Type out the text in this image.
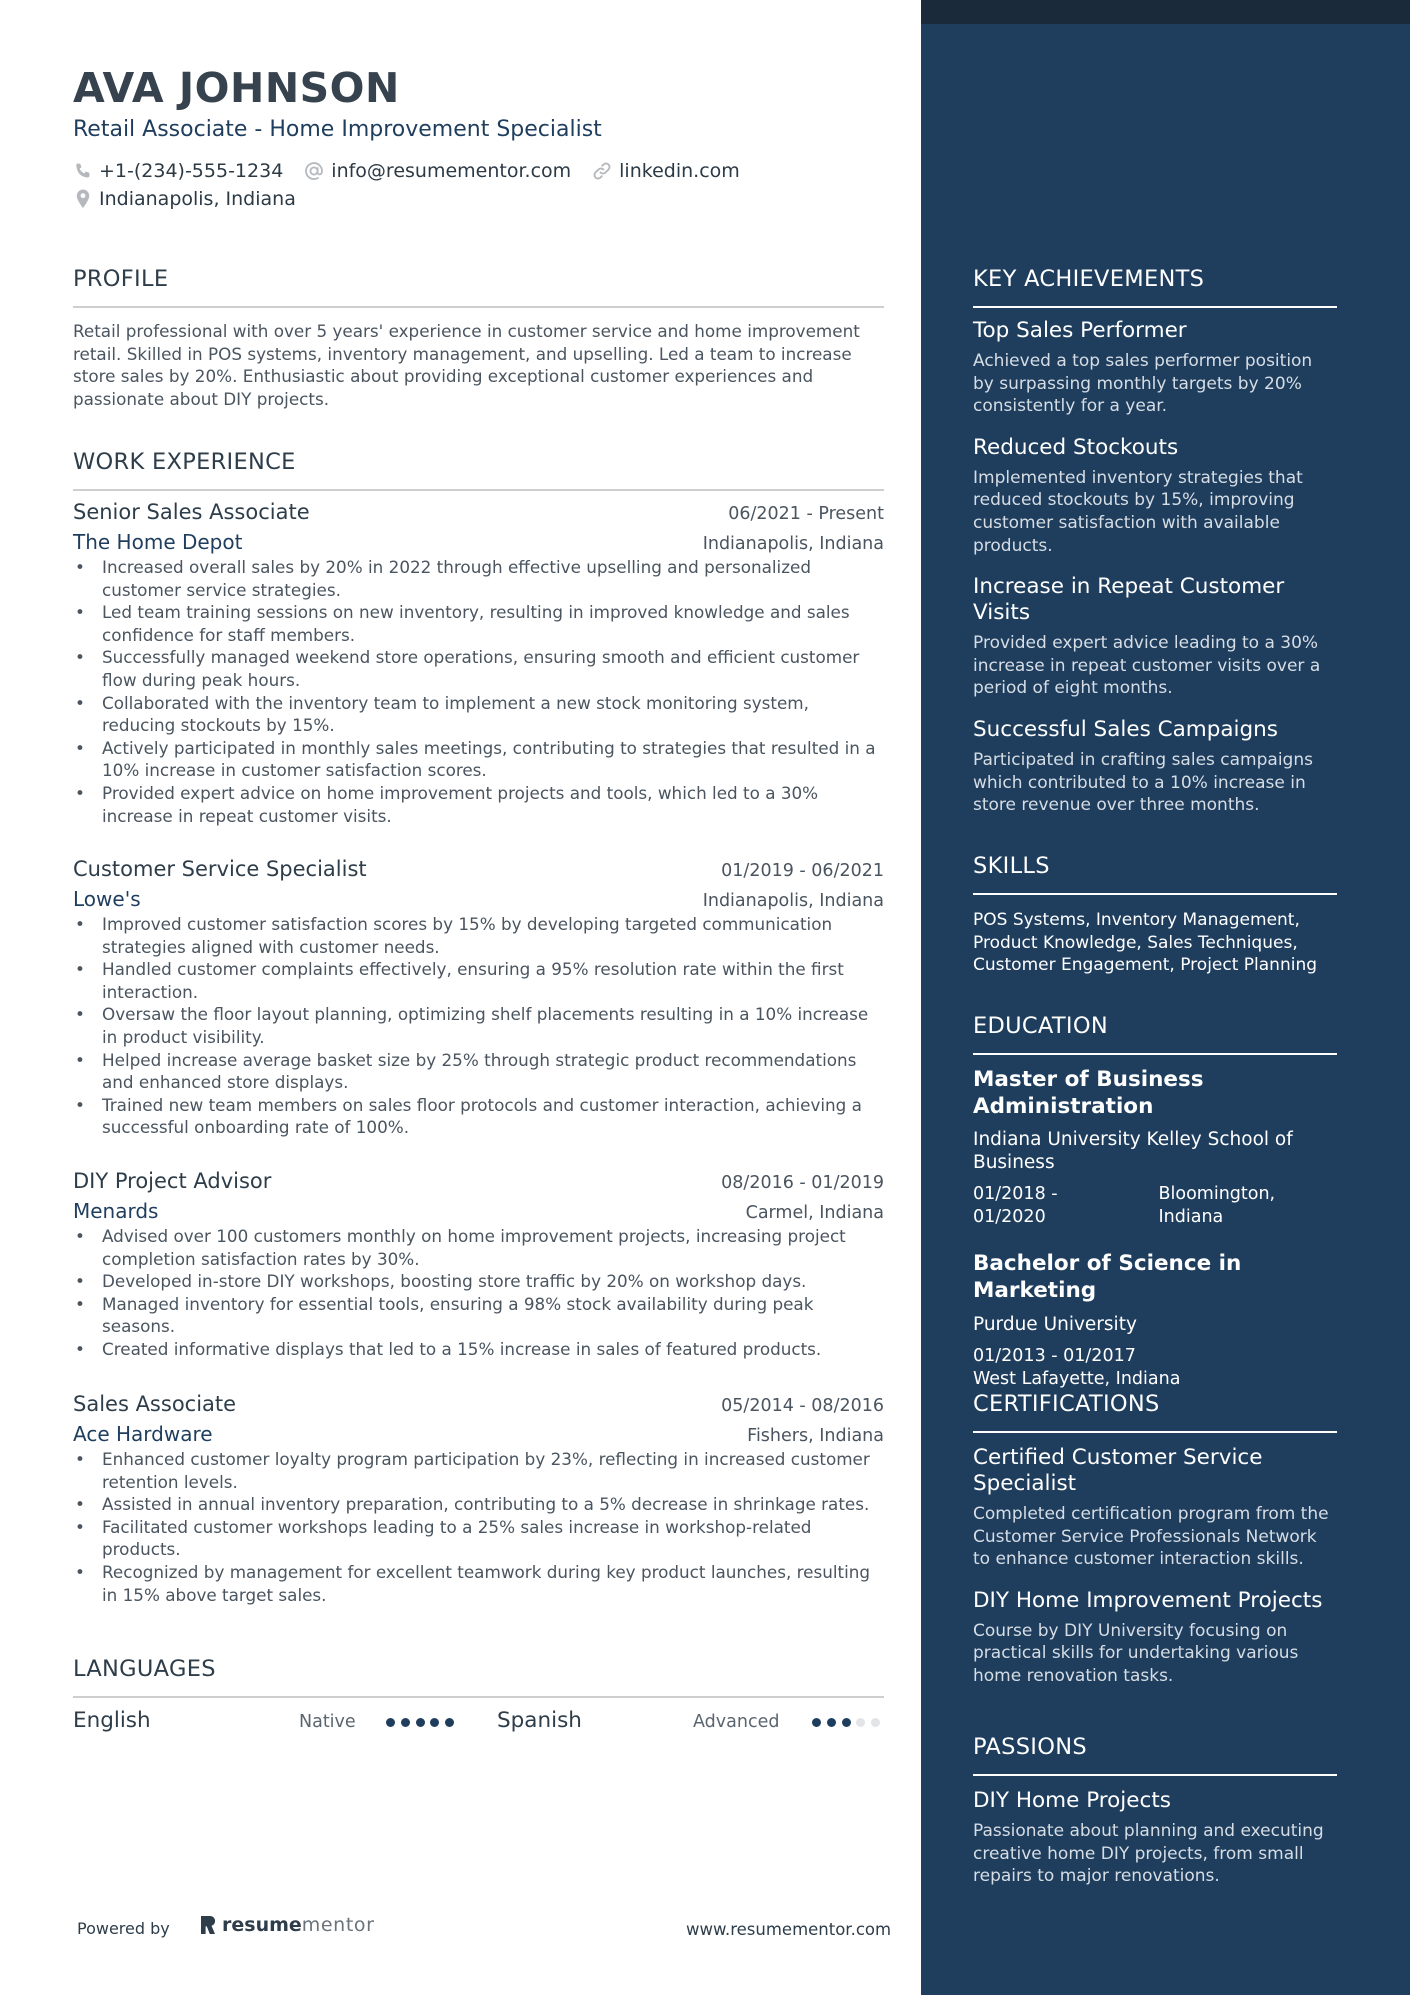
AVA JOHNSON
Retail Associate - Home Improvement Specialist
+1-(234)-555-1234	info@resumementor.com	linkedin.com
Indianapolis, Indiana
PROFILE
Retail professional with over 5 years' experience in customer service and home improvement retail. Skilled in POS systems, inventory management, and upselling. Led a team to increase store sales by 20%. Enthusiastic about providing exceptional customer experiences and passionate about DIY projects.
WORK EXPERIENCE
Senior Sales Associate	06/2021 - Present
The Home Depot	Indianapolis, Indiana
• Increased overall sales by 20% in 2022 through effective upselling and personalized customer service strategies.
• Led team training sessions on new inventory, resulting in improved knowledge and sales confidence for staff members.
• Successfully managed weekend store operations, ensuring smooth and efficient customer flow during peak hours.
• Collaborated with the inventory team to implement a new stock monitoring system, reducing stockouts by 15%.
• Actively participated in monthly sales meetings, contributing to strategies that resulted in a 10% increase in customer satisfaction scores.
• Provided expert advice on home improvement projects and tools, which led to a 30% increase in repeat customer visits.
Customer Service Specialist	01/2019 - 06/2021
Lowe's	Indianapolis, Indiana
• Improved customer satisfaction scores by 15% by developing targeted communication strategies aligned with customer needs.
• Handled customer complaints effectively, ensuring a 95% resolution rate within the first interaction.
• Oversaw the floor layout planning, optimizing shelf placements resulting in a 10% increase in product visibility.
• Helped increase average basket size by 25% through strategic product recommendations and enhanced store displays.
• Trained new team members on sales floor protocols and customer interaction, achieving a successful onboarding rate of 100%.
DIY Project Advisor	08/2016 - 01/2019
Menards	Carmel, Indiana
• Advised over 100 customers monthly on home improvement projects, increasing project completion satisfaction rates by 30%.
• Developed in-store DIY workshops, boosting store traffic by 20% on workshop days.
• Managed inventory for essential tools, ensuring a 98% stock availability during peak seasons.
• Created informative displays that led to a 15% increase in sales of featured products.
Sales Associate	05/2014 - 08/2016
Ace Hardware	Fishers, Indiana
• Enhanced customer loyalty program participation by 23%, reflecting in increased customer retention levels.
• Assisted in annual inventory preparation, contributing to a 5% decrease in shrinkage rates.
• Facilitated customer workshops leading to a 25% sales increase in workshop-related products.
• Recognized by management for excellent teamwork during key product launches, resulting in 15% above target sales.
LANGUAGES
English	Native	Spanish	Advanced
Powered by	resume mentor	www.resumementor.com
KEY ACHIEVEMENTS
Top Sales Performer
Achieved a top sales performer position by surpassing monthly targets by 20% consistently for a year.
Reduced Stockouts
Implemented inventory strategies that reduced stockouts by 15%, improving customer satisfaction with available products.
Increase in Repeat Customer Visits
Provided expert advice leading to a 30% increase in repeat customer visits over a period of eight months.
Successful Sales Campaigns
Participated in crafting sales campaigns which contributed to a 10% increase in store revenue over three months.
SKILLS
POS Systems, Inventory Management, Product Knowledge, Sales Techniques, Customer Engagement, Project Planning
EDUCATION
Master of Business Administration
Indiana University Kelley School of Business
01/2018 - 01/2020
Bloomington, Indiana
Bachelor of Science in Marketing
Purdue University
01/2013 - 01/2017
West Lafayette, Indiana
CERTIFICATIONS
Certified Customer Service Specialist
Completed certification program from the Customer Service Professionals Network to enhance customer interaction skills.
DIY Home Improvement Projects
Course by DIY University focusing on practical skills for undertaking various home renovation tasks.
PASSIONS
DIY Home Projects
Passionate about planning and executing creative home DIY projects, from small repairs to major renovations.
